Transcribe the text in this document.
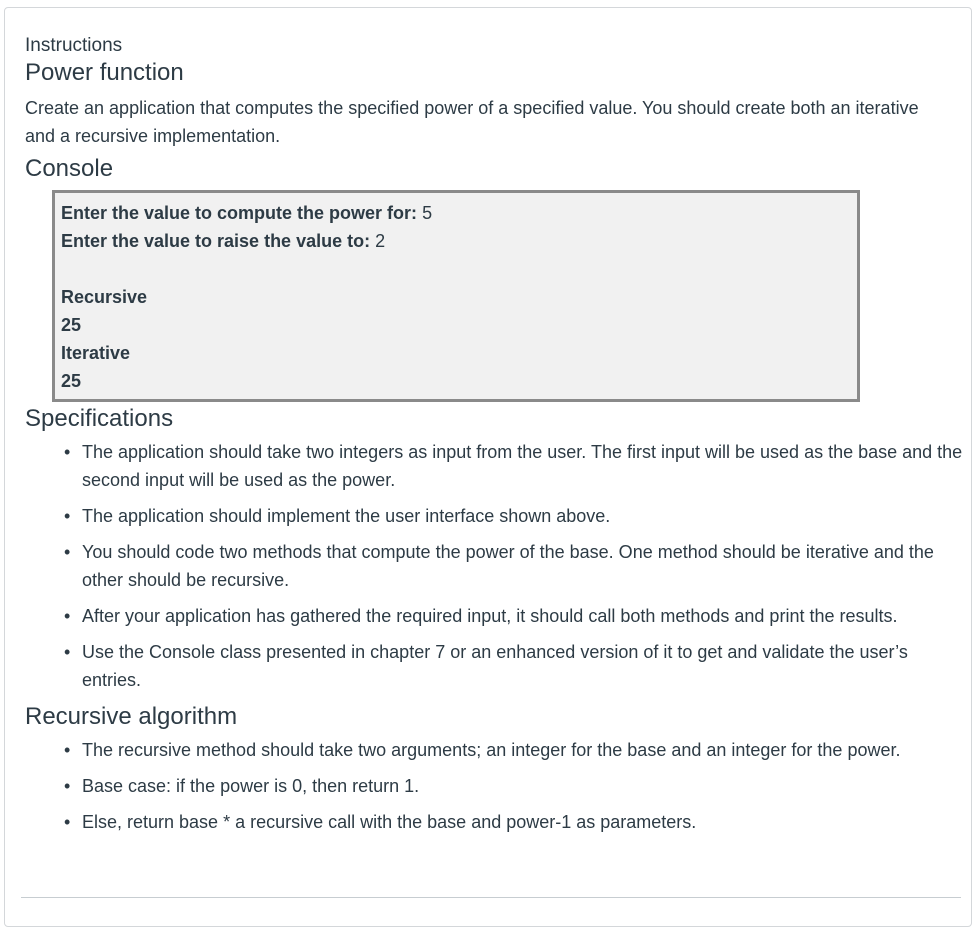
Instructions
Power function

Create an application that computes the specified power of a specified value. You should create both an iterative and a recursive implementation.

Console
Enter the value to compute the power for: 5
Enter the value to raise the value to: 2
Recursive
25
Iterative
25
Specifications
• The application should take two integers as input from the user. The first input will be used as the base and the second input will be used as the power.
• The application should implement the user interface shown above.
• You should code two methods that compute the power of the base. One method should be iterative and the other should be recursive.
• After your application has gathered the required input, it should call both methods and print the results.
• Use the Console class presented in chapter 7 or an enhanced version of it to get and validate the user’s entries.
Recursive algorithm
• The recursive method should take two arguments; an integer for the base and an integer for the power.
• Base case: if the power is 0, then return 1.
• Else, return base * a recursive call with the base and power-1 as parameters.
